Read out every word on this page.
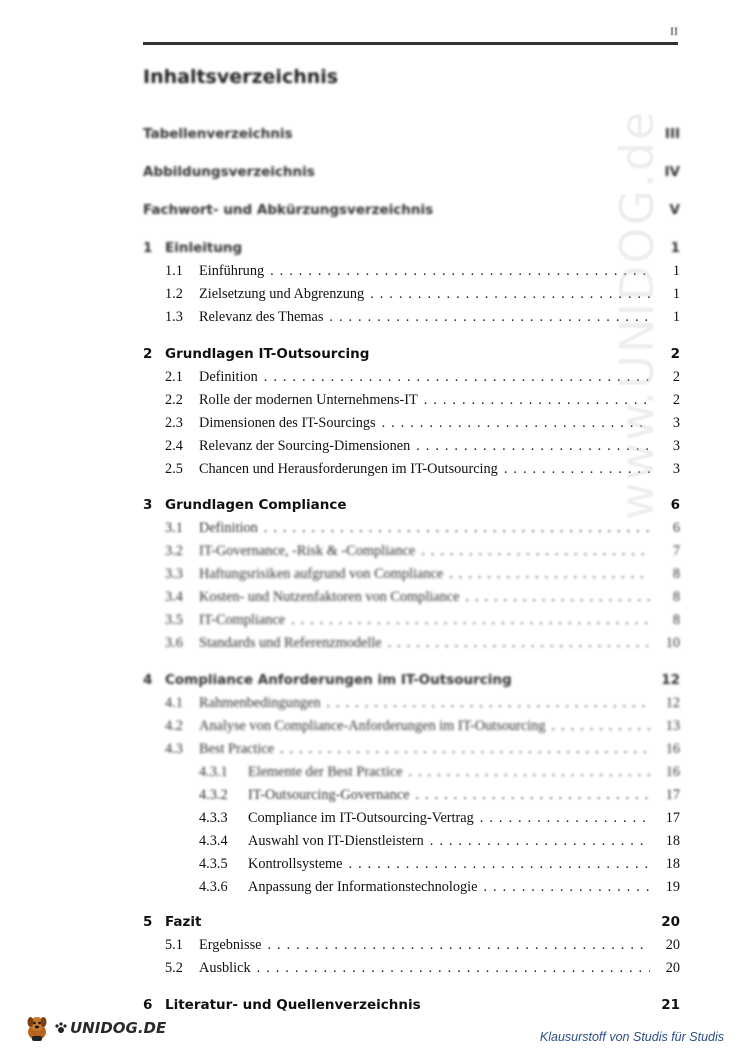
II
Inhaltsverzeichnis
Tabellenverzeichnis	III
Abbildungsverzeichnis	IV
Fachwort- und Abkürzungsverzeichnis	V
1 Einleitung	1
1.1	Einführung . . .	1
1.2	Zielsetzung und Abgrenzung . . .	1
1.3	Relevanz des Themas . . .	1
2 Grundlagen IT-Outsourcing	2
2.1	Definition . . .	2
2.2	Rolle der modernen Unternehmens-IT . . .	2
2.3	Dimensionen des IT-Sourcings . . .	3
2.4	Relevanz der Sourcing-Dimensionen . . .	3
2.5	Chancen und Herausforderungen im IT-Outsourcing . . .	3
3 Grundlagen Compliance	6
3.1	Definition . . .	6
3.2	IT-Governance, -Risk & -Compliance . . .	7
3.3	Haftungsrisiken aufgrund von Compliance . . .	8
3.4	Kosten- und Nutzenfaktoren von Compliance . . .	8
3.5	IT-Compliance . . .	8
3.6	Standards und Referenzmodelle . . .	10
4 Compliance Anforderungen im IT-Outsourcing	12
4.1	Rahmenbedingungen . . .	12
4.2	Analyse von Compliance-Anforderungen im IT-Outsourcing . . .	13
4.3	Best Practice . . .	16
4.3.1	Elemente der Best Practice . . .	16
4.3.2	IT-Outsourcing-Governance . . .	17
4.3.3	Compliance im IT-Outsourcing-Vertrag . . .	17
4.3.4	Auswahl von IT-Dienstleistern . . .	18
4.3.5	Kontrollsysteme . . .	18
4.3.6	Anpassung der Informationstechnologie . . .	19
5 Fazit	20
5.1	Ergebnisse . . .	20
5.2	Ausblick . . .	20
6 Literatur- und Quellenverzeichnis	21
www.UNIDOG.de
UNIDOG.DE	Klausurstoff von Studis für Studis
